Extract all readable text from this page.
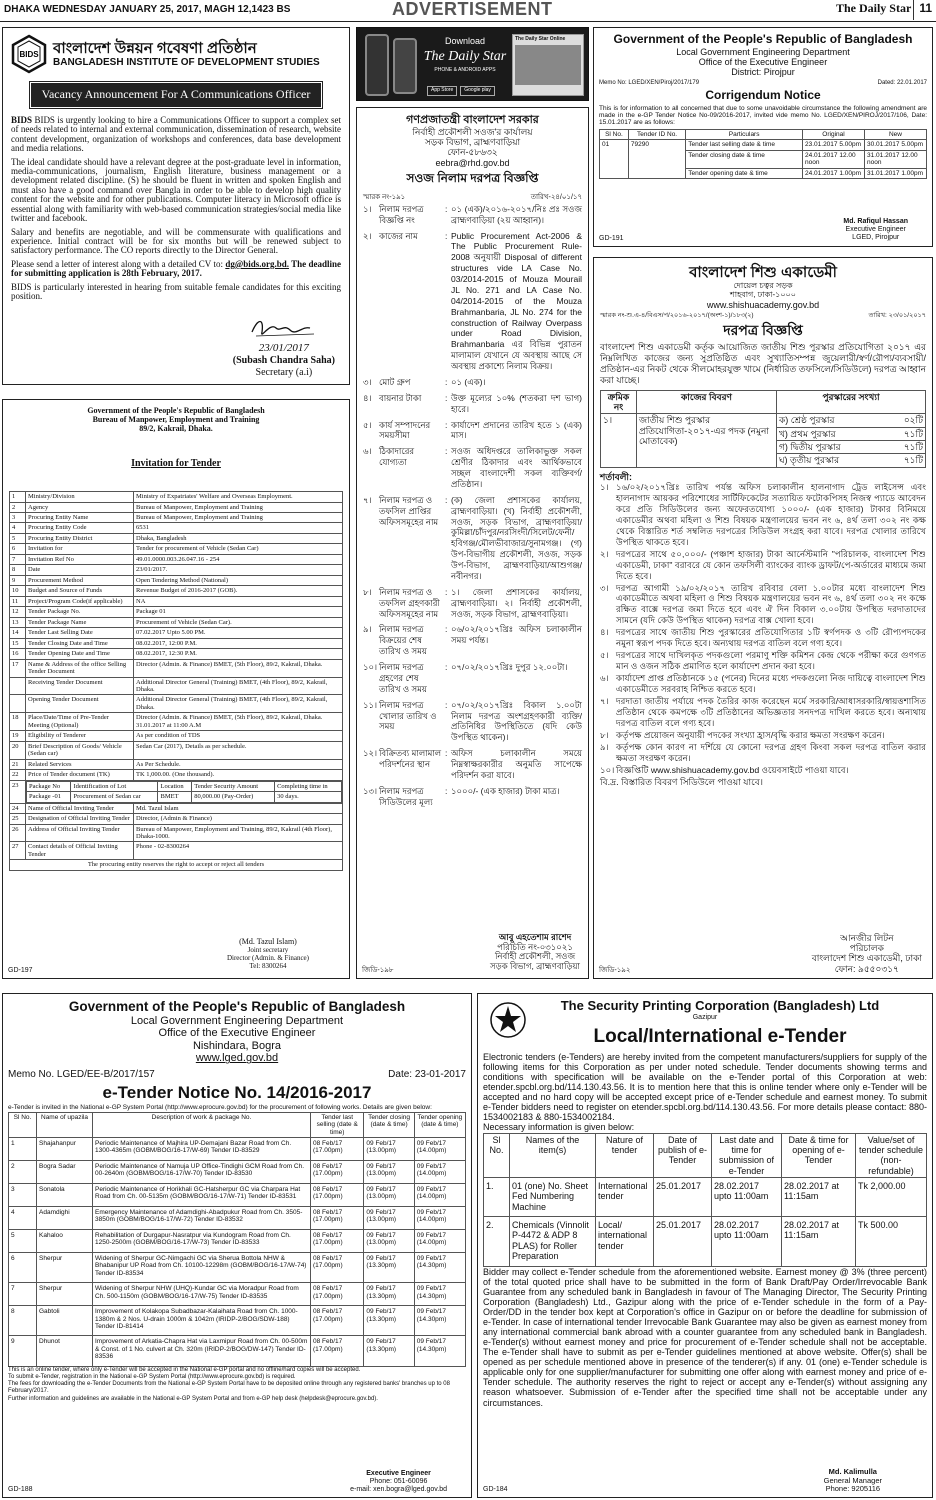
DHAKA WEDNESDAY JANUARY 25, 2017, MAGH 12,1423 BS	ADVERTISEMENT	The Daily Star 11
BIDS বাংলাদেশ উন্নয়ন গবেষণা প্রতিষ্ঠান
BANGLADESH INSTITUTE OF DEVELOPMENT STUDIES
Vacancy Announcement For A Communications Officer

BIDS BIDS is urgently looking to hire a Communications Officer to support a complex set of needs related to internal and external communication, dissemination of research, website content development, organization of workshops and conferences, data base development and media relations.

The ideal candidate should have a relevant degree at the post-graduate level in information, media-communications, journalism, English literature, business management or a development related discipline. (S) he should be fluent in written and spoken English and must also have a good command over Bangla in order to be able to develop high quality content for the website and for other publications. Computer literacy in Microsoft office is essential along with familiarity with web-based communication strategies/social media like twitter and facebook.

Salary and benefits are negotiable, and will be commensurate with qualifications and experience. Initial contract will be for six months but will be renewed subject to satisfactory performance. The CO reports directly to the Director General.

Please send a letter of interest along with a detailed CV to: dg@bids.org.bd. The deadline for submitting application is 28th February, 2017.

BIDS is particularly interested in hearing from suitable female candidates for this exciting position.

23/01/2017
(Subash Chandra Saha)
Secretary (a.i)
Download
The Daily Star
PHONE & ANDROID APPS
The Daily Star Online
App Store	Google play
গণপ্রজাতন্ত্রী বাংলাদেশ সরকার
নির্বাহী প্রকৌশলী সওজ'র কার্যালয়
সড়ক বিভাগ, ব্রাহ্মণবাড়িয়া
ফোন-৫৮৬৩২
eebra@rhd.gov.bd
সওজ নিলাম দরপত্র বিজ্ঞপ্তি
স্মারক নং-১৯১	তারিখ-২৪/০১/১৭
১। নিলাম দরপত্র বিজ্ঞপ্তি নং
: ০১ (এক)/২০১৬-২০১৭/নিঃ প্রঃ সওজ ব্রাহ্মণবাড়িয়া (২য় আহ্বান)।
২। কাজের নাম	: Public Procurement Act-2006 & The Public Procurement Rule-2008 অনুযায়ী Disposal of different structures vide LA Case No. 03/2014-2015 of Mouza Mourail JL No. 271 and LA Case No. 04/2014-2015 of the Mouza Brahmanbaria, JL No. 274 for the construction of Railway Overpass under Road Division, Brahmanbaria এর বিভিন্ন পুরাতন মালামাল যেখানে যে অবস্থায় আছে সে অবস্থায় প্রকাশ্যে নিলাম বিক্রয়।
৩। মোট গ্রুপ	: ০১ (এক)।
৪। বায়নার টাকা	: উক্ত মূল্যের ১০% (শতকরা দশ ভাগ) হারে।
৫। কার্য সম্পাদনের সময়সীমা
: কার্যাদেশ প্রদানের তারিখ হতে ১ (এক) মাস।
৬। ঠিকাদারের যোগ্যতা
: সওজ অধিদপ্তরে তালিকাভুক্ত সকল শ্রেণীর ঠিকাদার এবং আর্থিকভাবে সচ্ছল বাংলাদেশী সকল ব্যক্তিবর্গ/প্রতিষ্ঠান।
৭। নিলাম দরপত্র ও তফসিল প্রাপ্তির অফিসসমূহের নাম
: (ক) জেলা প্রশাসকের কার্যালয়, ব্রাহ্মণবাড়িয়া। (খ) নির্বাহী প্রকৌশলী, সওজ, সড়ক বিভাগ, ব্রাহ্মণবাড়িয়া/কুমিল্লা/চাঁদপুর/নরসিংদী/সিলেট/ফেনী/হবিগঞ্জ/মৌলভীবাজার/সুনামগঞ্জ। (গ) উপ-বিভাগীয় প্রকৌশলী, সওজ, সড়ক উপ-বিভাগ, ব্রাহ্মণবাড়িয়া/আশুগঞ্জ/নবীনগর।
৮। নিলাম দরপত্র ও তফসিল গ্রহণকারী অফিসসমূহের নাম
: ১। জেলা প্রশাসকের কার্যালয়, ব্রাহ্মণবাড়িয়া। ২। নির্বাহী প্রকৌশলী, সওজ, সড়ক বিভাগ, ব্রাহ্মণবাড়িয়া।
৯। নিলাম দরপত্র বিক্রয়ের শেষ তারিখ ও সময়
: ০৬/০২/২০১৭খ্রিঃ অফিস চলাকালীন সময় পর্যন্ত।
১০। নিলাম দরপত্র গ্রহণের শেষ তারিখ ও সময়
: ০৭/০২/২০১৭খ্রিঃ দুপুর ১২.০০টা।
১১। নিলাম দরপত্র খোলার তারিখ ও সময়
: ০৭/০২/২০১৭খ্রিঃ বিকাল ১.০০টা নিলাম দরপত্র অংশগ্রহণকারী ব্যক্তি/প্রতিনিধির উপস্থিতিতে (যদি কেউ উপস্থিত থাকেন)।
১২। বিক্রিতব্য মালামাল পরিদর্শনের স্থান
: অফিস চলাকালীন সময়ে নিম্নস্বাক্ষরকারীর অনুমতি সাপেক্ষে পরিদর্শন করা যাবে।
১৩। নিলাম দরপত্র সিডিউলের মূল্য
: ১০০০/- (এক হাজার) টাকা মাত্র।
আবু এহতেশাম রাশেদ
পরিচিতি নং-০৩১০২১
নির্বাহী প্রকৌশলী, সওজ
সড়ক বিভাগ, ব্রাহ্মণবাড়িয়া
জিডি-১৯৮
Government of the People's Republic of Bangladesh
Local Government Engineering Department
Office of the Executive Engineer
District: Pirojpur
Memo No: LGED/XEN/Piroj/2017/179	Dated: 22.01.2017
Corrigendum Notice
This is for information to all concerned that due to some unavoidable circumstance the following amendment are made in the e-GP Tender Notice No-09/2016-2017, invited vide memo No. LGED/XEN/PIROJ/2017/106, Date: 15.01.2017 are as follows:
Sl No.	Tender ID No.	Particulars	Original	New
01	79290	Tender last selling date & time	23.01.2017 5.00pm	30.01.2017 5.00pm
		Tender closing date & time	24.01.2017 12.00 noon	31.01.2017 12.00 noon
		Tender opening date & time	24.01.2017 1.00pm	31.01.2017 1.00pm
Md. Rafiqul Hassan
Executive Engineer
LGED, Pirojpur
GD-191
বাংলাদেশ শিশু একাডেমী
দোয়েল চত্বর সড়ক
শাহবাগ, ঢাকা-১০০০
www.shishuacademy.gov.bd
স্মারক নং-শু.এ-৪/বিএস/প/২০১৬-২০১৭/(অংশ-১)/১৮৩(২)	তারিখ: ২৩/০১/২০১৭
দরপত্র বিজ্ঞপ্তি
বাংলাদেশ শিশু একাডেমী কর্তৃক আয়োজিত জাতীয় শিশু পুরস্কার প্রতিযোগিতা ২০১৭ এর নিম্নলিখিত কাজের জন্য সুপ্রতিষ্ঠিত এবং সুখ্যাতিসম্পন্ন জুয়েলারী/স্বর্ণ/রৌপ্য/ব্যবসায়ী/প্রতিষ্ঠান-এর নিকট থেকে সীলমোহরযুক্ত খামে (নির্ধারিত তফসিলে/সিডিউলে) দরপত্র আহ্বান করা যাচ্ছে।
ক্রমিক নং	কাজের বিবরণ	পুরস্কারের সংখ্যা
১।	জাতীয় শিশু পুরস্কার প্রতিযোগিতা-২০১৭-এর পদক (নমুনা মোতাবেক)	ক) শ্রেষ্ঠ পুরস্কার ০২টি

		খ) প্রথম পুরস্কার ৭১টি

		গ) দ্বিতীয় পুরস্কার ৭১টি

		ঘ) তৃতীয় পুরস্কার ৭১টি
শর্তাবলী:
১। ১৬/০২/২০১৭খ্রিঃ তারিখ পর্যন্ত অফিস চলাকালীন হালনাগাদ ট্রেড লাইসেন্স এবং হালনাগাদ আয়কর পরিশোধের সার্টিফিকেটের সত্যায়িত ফটোকপিসহ নিজস্ব প্যাডে আবেদন করে প্রতি সিডিউলের জন্য অফেরতযোগ্য ১০০০/- (এক হাজার) টাকার বিনিময়ে একাডেমীর অথবা মহিলা ও শিশু বিষয়ক মন্ত্রণালয়ের ভবন নং ৬, ৪র্থ তলা ৩০২ নং কক্ষ থেকে বিস্তারিত শর্ত সম্বলিত দরপত্রের সিডিউল সংগ্রহ করা যাবে। দরপত্র খোলার তারিখে উপস্থিত থাকতে হবে।
২। দরপত্রের সাথে ৫০,০০০/- (পঞ্চাশ হাজার) টাকা আর্নেস্টমানি "পরিচালক, বাংলাদেশ শিশু একাডেমী, ঢাকা" বরাবরে যে কোন তফসিলী ব্যাংকের ব্যাংক ড্রাফট/পে-অর্ডারের মাধ্যমে জমা দিতে হবে।
৩। দরপত্র আগামী ১৯/০২/২০১৭ তারিখ রবিবার বেলা ১.০০টার মধ্যে বাংলাদেশ শিশু একাডেমীতে অথবা মহিলা ও শিশু বিষয়ক মন্ত্রণালয়ের ভবন নং ৬, ৪র্থ তলা ৩০২ নং কক্ষে রক্ষিত বাক্সে দরপত্র জমা দিতে হবে এবং ঐ দিন বিকাল ৩.০০টায় উপস্থিত দরদাতাদের সামনে (যদি কেউ উপস্থিত থাকেন) দরপত্র বাক্স খোলা হবে।
৪। দরপত্রের সাথে জাতীয় শিশু পুরস্কারের প্রতিযোগিতার ১টি স্বর্ণপদক ও ৩টি রৌপ্যপদকের নমুনা স্বরূপ পদক দিতে হবে। অন্যথায় দরপত্র বাতিল বলে গণ্য হবে।
৫। দরপত্রের সাথে দাখিলকৃত পদকগুলো পরমাণু শক্তি কমিশন কেন্দ্র থেকে পরীক্ষা করে গুণগত মান ও ওজন সঠিক প্রমাণিত হলে কার্যাদেশ প্রদান করা হবে।
৬। কার্যাদেশ প্রাপ্ত প্রতিষ্ঠানকে ১৫ (পনের) দিনের মধ্যে পদকগুলো নিজ দায়িত্বে বাংলাদেশ শিশু একাডেমীতে সরবরাহ নিশ্চিত করতে হবে।
৭। দরদাতা জাতীয় পর্যায়ে পদক তৈরির কাজ করেছেন মর্মে সরকারি/আধাসরকারি/স্বায়ত্তশাসিত প্রতিষ্ঠান থেকে কমপক্ষে ৩টি প্রতিষ্ঠানের অভিজ্ঞতার সনদপত্র দাখিল করতে হবে। অন্যথায় দরপত্র বাতিল বলে গণ্য হবে।
৮। কর্তৃপক্ষ প্রয়োজন অনুযায়ী পদকের সংখ্যা হ্রাস/বৃদ্ধি করার ক্ষমতা সংরক্ষণ করেন।
৯। কর্তৃপক্ষ কোন কারণ না দর্শিয়ে যে কোনো দরপত্র গ্রহণ কিংবা সকল দরপত্র বাতিল করার ক্ষমতা সংরক্ষণ করেন।
১০। বিজ্ঞপ্তিটি www.shishuacademy.gov.bd ওয়েবসাইটে পাওয়া যাবে।
বি.দ্র. বিস্তারিত বিবরণ সিডিউলে পাওয়া যাবে।
আনজীর লিটন
পরিচালক
বাংলাদেশ শিশু একাডেমী, ঢাকা
ফোন: ৯৫৫০৩১৭
জিডি-১৯২
Government of the People's Republic of Bangladesh
Bureau of Manpower, Employment and Training
89/2, Kakrail, Dhaka.
Invitation for Tender
1	Ministry/Division	Ministry of Expatriates' Welfare and Overseas Employment.
2	Agency	Bureau of Manpower, Employment and Training
3	Procuring Entity Name	Bureau of Manpower, Employment and Training
4	Procuring Entity Code	6531
5	Procuring Entity District	Dhaka, Bangladesh
6	Invitation for	Tender for procurement of Vehicle (Sedan Car)
7	Invitation Ref No	49.01.0000.003.26.047.16 - 254
8	Date	23/01/2017.
9	Procurement Method	Open Tendering Method (National)
10	Budget and Source of Funds	Revenue Budget of 2016-2017 (GOB).
11	Project/Program Code(if applicable)	NA
12	Tender Package No.	Package 01
13	Tender Package Name	Procurement of Vehicle (Sedan Car).
14	Tender Last Selling Date	07.02.2017 Upto 5.00 PM.
15	Tender Closing Date and Time	08.02.2017, 12:00 P.M.
16	Tender Opening Date and Time	08.02.2017, 12:30 P.M.
17	Name & Address of the office Selling Tender Document	Director (Admin. & Finance) BMET, (5th Floor), 89/2, Kakrail, Dhaka.
	Receiving Tender Document	Additional Director General (Training) BMET, (4th Floor), 89/2, Kakrail, Dhaka.
	Opening Tender Document	Additional Director General (Training) BMET, (4th Floor), 89/2, Kakrail, Dhaka.
18	Place/Date/Time of Pre-Tender Meeting (Optional)	Director (Admin. & Finance) BMET, (5th Floor), 89/2, Kakrail, Dhaka. 31.01.2017 at 11:00 A.M
19	Eligibility of Tenderer	As per condition of TDS
20	Brief Description of Goods/ Vehicle (Sedan car)	Sedan Car (2017), Details as per schedule.
21	Related Services	As Per Schedule.
22	Price of Tender document (TK)	TK 1,000.00. (One thousand).
23	Package No	Identification of Lot	Location	Tender Security Amount	Completing time in
Package -01	Procurement of Sedan car	BMET	80,000.00 (Pay-Order)	30 days.

24	Name of Official Inviting Tender	Md. Tazul Islam
25	Designation of Official Inviting Tender	Director, (Admin & Finance)
26	Address of Official Inviting Tender	Bureau of Manpower, Employment and Training, 89/2, Kakrail (4th Floor), Dhaka-1000.
27	Contact details of Official Inviting Tender	Phone - 02-8300264
The procuring entity reserves the right to accept or reject all tenders
(Md. Tazul Islam)
Joint secretary
Director (Admin. & Finance)
Tel: 8300264
GD-197
Government of the People's Republic of Bangladesh
Local Government Engineering Department
Office of the Executive Engineer
Nishindara, Bogra
www.lged.gov.bd
Memo No. LGED/EE-B/2017/157	Date: 23-01-2017
e-Tender Notice No. 14/2016-2017
e-Tender is invited in the National e-GP System Portal (http://www.eprocure.gov.bd) for the procurement of following works. Details are given below:
Sl No.	Name of upazila	Description of work & package No.	Tender last selling (date & time)	Tender closing (date & time)	Tender opening (date & time)
1	Shajahanpur	Periodic Maintenance of Majhira UP-Demajani Bazar Road from Ch. 1300-4365m (GOBM/BOG/16-17/W-69) Tender ID-83529	08 Feb/17 (17.00pm)	09 Feb/17 (13.00pm)	09 Feb/17 (14.00pm)
2	Bogra Sadar	Periodic Maintenance of Namuja UP Office-Tindighi GCM Road from Ch. 00-2640m (GOBM/BOG/16-17/W-70) Tender ID-83530	08 Feb/17 (17.00pm)	09 Feb/17 (13.00pm)	09 Feb/17 (14.00pm)
3	Sonatola	Periodic Maintenance of Horikhali GC-Hatsherpur GC via Charpara Hat Road from Ch. 00-5135m (GOBM/BOG/16-17/W-71) Tender ID-83531	08 Feb/17 (17.00pm)	09 Feb/17 (13.00pm)	09 Feb/17 (14.00pm)
4	Adamdighi	Emergency Maintenance of Adamdighi-Abadpukur Road from Ch. 3505-3850m (GOBM/BOG/16-17/W-72) Tender ID-83532	08 Feb/17 (17.00pm)	09 Feb/17 (13.00pm)	09 Feb/17 (14.00pm)
5	Kahaloo	Rehabilitation of Durgapur-Nasratpur via Kundogram Road from Ch. 1250-2500m (GOBM/BOG/16-17/W-73) Tender ID-83533	08 Feb/17 (17.00pm)	09 Feb/17 (13.00pm)	09 Feb/17 (14.00pm)
6	Sherpur	Widening of Sherpur GC-Nimgachi GC via Sherua Bottola NHW & Bhabanipur UP Road from Ch. 10100-12298m (GOBM/BOG/16-17/W-74) Tender ID-83534	08 Feb/17 (17.00pm)	09 Feb/17 (13.30pm)	09 Feb/17 (14.30pm)
7	Sherpur	Widening of Sherpur NHW (UHQ)-Kundar GC via Moradpur Road from Ch. 500-1150m (GOBM/BOG/16-17/W-75) Tender ID-83535	08 Feb/17 (17.00pm)	09 Feb/17 (13.30pm)	09 Feb/17 (14.30pm)
8	Gabtoli	Improvement of Kolakopa Subadbazar-Kalaihata Road from Ch. 1000-1380m & 2 Nos. U-drain 1000m & 1042m (IRIDP-2/BOG/SDW-188) Tender ID-81414	08 Feb/17 (17.00pm)	09 Feb/17 (13.30pm)	09 Feb/17 (14.30pm)
9	Dhunot	Improvement of Arkatia-Chapra Hat via Laxmipur Road from Ch. 00-500m & Const. of 1 No. culvert at Ch. 320m (IRIDP-2/BOG/DW-147) Tender ID-83536	08 Feb/17 (17.00pm)	09 Feb/17 (13.30pm)	09 Feb/17 (14.30pm)
This is an online tender, where only e-Tender will be accepted in the National e-GP portal and no offline/hard copies will be accepted.
To submit e-Tender, registration in the National e-GP System Portal (http://www.eprocure.gov.bd) is required.
The fees for downloading the e-Tender Documents from the National e-GP System Portal have to be deposited online through any registered banks' branches up to 08 February/2017.
Further information and guidelines are available in the National e-GP System Portal and from e-GP help desk (helpdesk@eprocure.gov.bd).
Executive Engineer
Phone: 051-60096
e-mail: xen.bogra@lged.gov.bd
GD-188
The Security Printing Corporation (Bangladesh) Ltd
Gazipur
Local/International e-Tender
Electronic tenders (e-Tenders) are hereby invited from the competent manufacturers/suppliers for supply of the following items for this Corporation as per under noted schedule. Tender documents showing terms and conditions with specification will be available on the e-Tender portal of this Corporation at web: etender.spcbl.org.bd/114.130.43.56. It is to mention here that this is online tender where only e-Tender will be accepted and no hard copy will be accepted except price of e-Tender schedule and earnest money. To submit e-Tender bidders need to register on etender.spcbl.org.bd/114.130.43.56. For more details please contact: 880-1534002183 & 880-1534002184.
Necessary information is given below:
Sl No.	Names of the item(s)	Nature of tender	Date of publish of e-Tender	Last date and time for submission of e-Tender	Date & time for opening of e-Tender	Value/set of tender schedule (non-refundable)
1.	01 (one) No. Sheet Fed Numbering Machine	International tender	25.01.2017	28.02.2017 upto 11:00am	28.02.2017 at 11:15am	Tk 2,000.00
2.	Chemicals (Vinnolit P-4472 & ADP 8 PLAS) for Roller Preparation	Local/ international tender	25.01.2017	28.02.2017 upto 11:00am	28.02.2017 at 11:15am	Tk 500.00
Bidder may collect e-Tender schedule from the aforementioned website. Earnest money @ 3% (three percent) of the total quoted price shall have to be submitted in the form of Bank Draft/Pay Order/Irrevocable Bank Guarantee from any scheduled bank in Bangladesh in favour of The Managing Director, The Security Printing Corporation (Bangladesh) Ltd., Gazipur along with the price of e-Tender schedule in the form of a Pay-Order/DD in the tender box kept at Corporation's office in Gazipur on or before the deadline for submission of e-Tender. In case of international tender Irrevocable Bank Guarantee may also be given as earnest money from any international commercial bank abroad with a counter guarantee from any scheduled bank in Bangladesh. e-Tender(s) without earnest money and price for procurement of e-Tender schedule shall not be acceptable. The e-Tender shall have to submit as per e-Tender guidelines mentioned at above website. Offer(s) shall be opened as per schedule mentioned above in presence of the tenderer(s) if any. 01 (one) e-Tender schedule is applicable only for one supplier/manufacturer for submitting one offer along with earnest money and price of e-Tender schedule. The authority reserves the right to reject or accept any e-Tender(s) without assigning any reason whatsoever. Submission of e-Tender after the specified time shall not be acceptable under any circumstances.
Md. Kalimulla
General Manager
Phone: 9205116
GD-184
